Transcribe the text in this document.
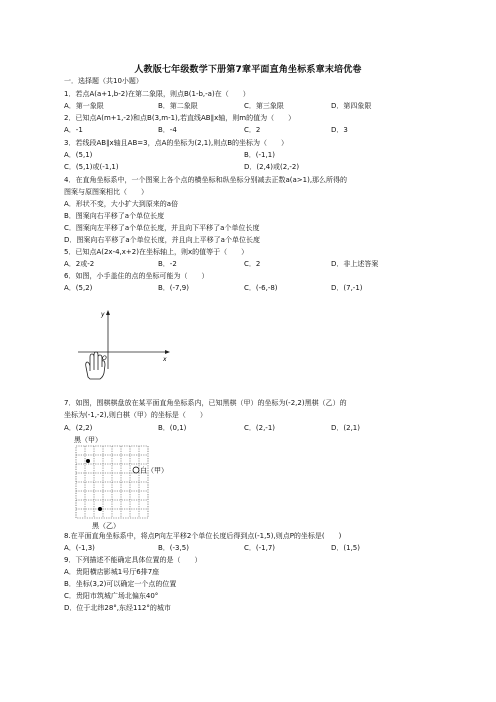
人教版七年级数学下册第7章平面直角坐标系章末培优卷
一．选择题（共10小题）
1．若点A(a+1,b-2)在第二象限，则点B(1-b,-a)在（　　）
A．第一象限	B．第二象限	C．第三象限	D．第四象限
2．已知点A(m+1,-2)和点B(3,m-1),若直线AB∥x轴，则m的值为（　　）
A．-1	B．-4	C．2	D．3
3．若线段AB∥x轴且AB=3，点A的坐标为(2,1),则点B的坐标为（　　）
A．(5,1)	B．(-1,1)
C．(5,1)或(-1,1)	D．(2,4)或(2,-2)
4．在直角坐标系中，一个图案上各个点的横坐标和纵坐标分别减去正数a(a>1),那么所得的
图案与原图案相比（　　）
A．形状不变，大小扩大到原来的a倍
B．图案向右平移了a个单位长度
C．图案向左平移了a个单位长度，并且向下平移了a个单位长度
D．图案向右平移了a个单位长度，并且向上平移了a个单位长度
5．已知点A(2x-4,x+2)在坐标轴上，则x的值等于（　　）
A．2或-2	B．-2	C．2	D．非上述答案
6．如图，小手盖住的点的坐标可能为（　　）
A．(5,2)	B．(-7,9)	C．(-6,-8)	D．(7,-1)
y
x
O
7．如图，围棋棋盘放在某平面直角坐标系内，已知黑棋（甲）的坐标为(-2,2)黑棋（乙）的
坐标为(-1,-2),则白棋（甲）的坐标是（　　）
A．(2,2)	B．(0,1)	C．(2,-1)	D．(2,1)
黑（甲）
白（甲）
黑（乙）
8.在平面直角坐标系中，将点P向左平移2个单位长度后得到点(-1,5),则点P的坐标是(　　)
A．(-1,3)	B．(-3,5)	C．(-1,7)	D．(1,5)
9．下列描述不能确定具体位置的是（　　）
A．贵阳横店影城1号厅6排7座
B．坐标(3,2)可以确定一个点的位置
C．贵阳市筑城广场北偏东40°
D．位于北纬28°,东经112°的城市
